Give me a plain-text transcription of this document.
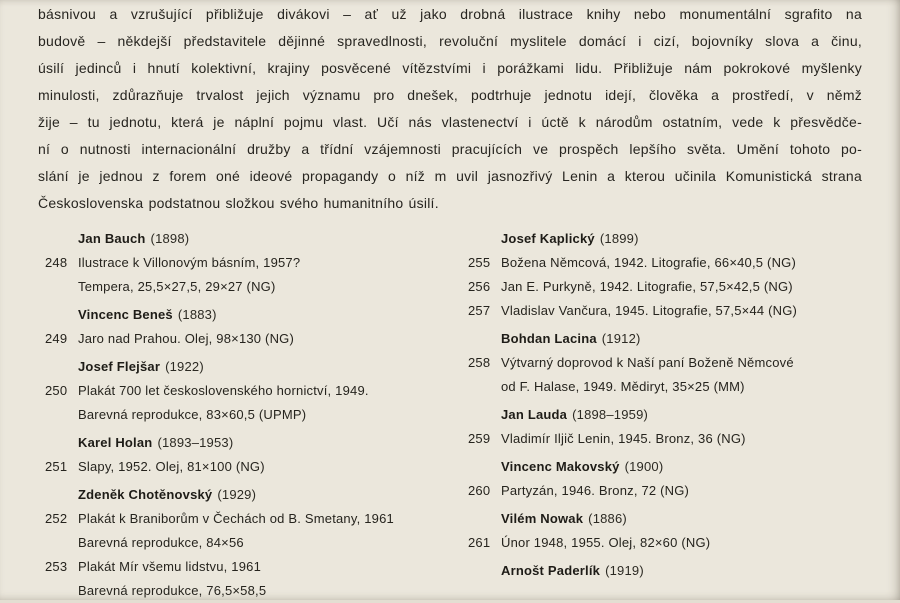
básnivou a vzrušující přibližuje divákovi – ať už jako drobná ilustrace knihy nebo monumentální sgrafito na
budově – někdejší představitele dějinné spravedlnosti, revoluční myslitele domácí i cizí, bojovníky slova a činu,
úsilí jedinců i hnutí kolektivní, krajiny posvěcené vítězstvími i porážkami lidu. Přibližuje nám pokrokové myšlenky
minulosti, zdůrazňuje trvalost jejich významu pro dnešek, podtrhuje jednotu idejí, člověka a prostředí, v němž
žije – tu jednotu, která je náplní pojmu vlast. Učí nás vlastenectví i úctě k národům ostatním, vede k přesvědče-
ní o nutnosti internacionální družby a třídní vzájemnosti pracujících ve prospěch lepšího světa. Umění tohoto po-
slání je jednou z forem oné ideové propagandy o níž m uvil jasnozřivý Lenin a kterou učinila Komunistická strana
Československa podstatnou složkou svého humanitního úsilí.
Jan Bauch (1898)
248 Ilustrace k Villonovým básním, 1957?
Tempera, 25,5×27,5, 29×27 (NG)
Vincenc Beneš (1883)
249 Jaro nad Prahou. Olej, 98×130 (NG)
Josef Flejšar (1922)
250 Plakát 700 let československého hornictví, 1949.
Barevná reprodukce, 83×60,5 (UPMP)
Karel Holan (1893–1953)
251 Slapy, 1952. Olej, 81×100 (NG)
Zdeněk Chotěnovský (1929)
252 Plakát k Braniborům v Čechách od B. Smetany, 1961
Barevná reprodukce, 84×56
253 Plakát Mír všemu lidstvu, 1961
Barevná reprodukce, 76,5×58,5
Josef Kaplický (1899)
255 Božena Němcová, 1942. Litografie, 66×40,5 (NG)
256 Jan E. Purkyně, 1942. Litografie, 57,5×42,5 (NG)
257 Vladislav Vančura, 1945. Litografie, 57,5×44 (NG)
Bohdan Lacina (1912)
258 Výtvarný doprovod k Naší paní Boženě Němcové
od F. Halase, 1949. Mědiryt, 35×25 (MM)
Jan Lauda (1898–1959)
259 Vladimír Iljič Lenin, 1945. Bronz, 36 (NG)
Vincenc Makovský (1900)
260 Partyzán, 1946. Bronz, 72 (NG)
Vilém Nowak (1886)
261 Únor 1948, 1955. Olej, 82×60 (NG)
Arnošt Paderlík (1919)
